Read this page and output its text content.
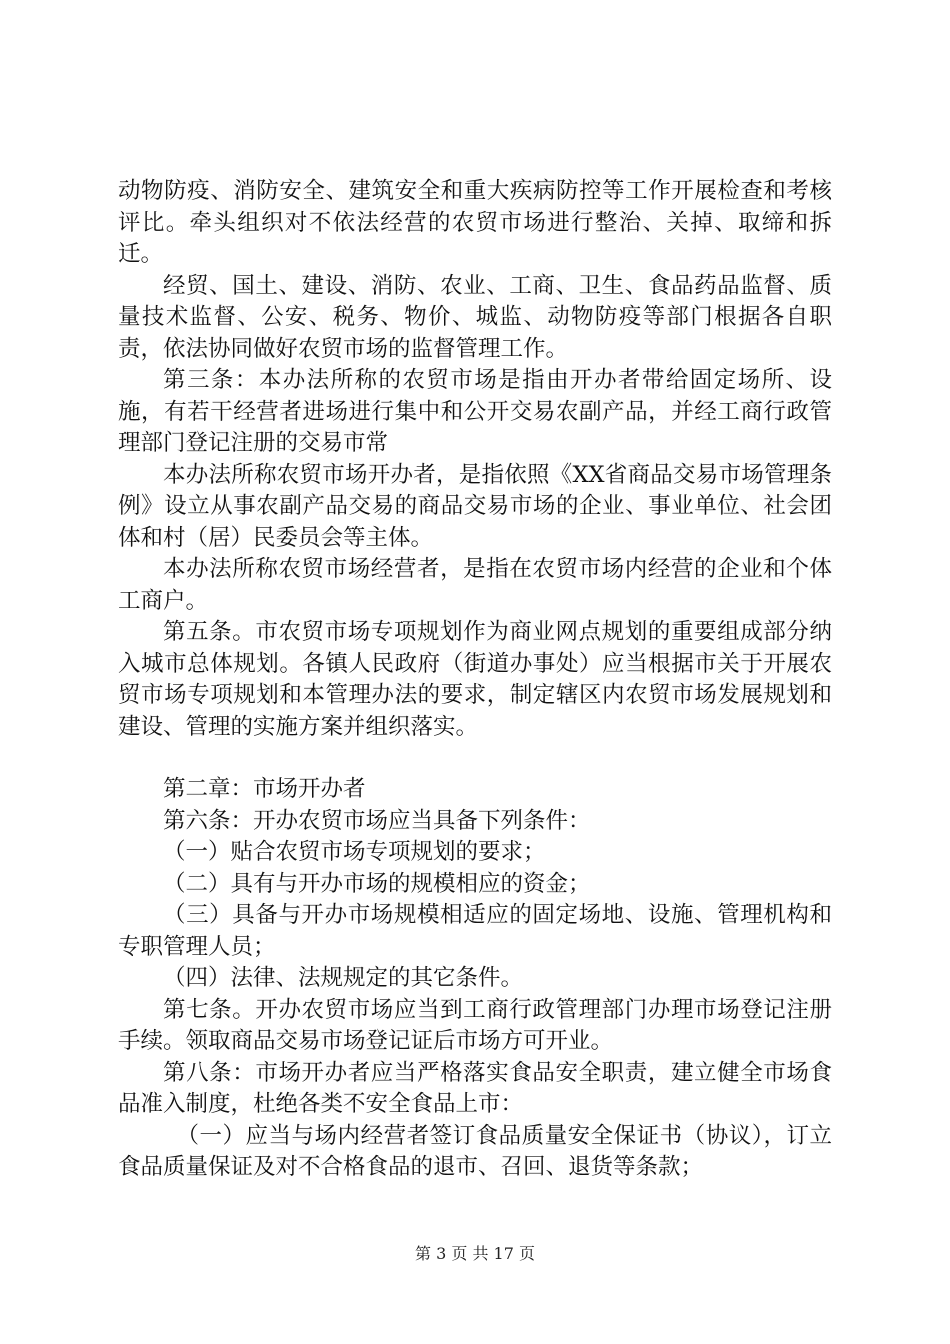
动物防疫、消防安全、建筑安全和重大疾病防控等工作开展检查和考核评比。牵头组织对不依法经营的农贸市场进行整治、关掉、取缔和拆迁。

经贸、国土、建设、消防、农业、工商、卫生、食品药品监督、质量技术监督、公安、税务、物价、城监、动物防疫等部门根据各自职责，依法协同做好农贸市场的监督管理工作。

第三条：本办法所称的农贸市场是指由开办者带给固定场所、设施，有若干经营者进场进行集中和公开交易农副产品，并经工商行政管理部门登记注册的交易市常

本办法所称农贸市场开办者，是指依照《XX省商品交易市场管理条例》设立从事农副产品交易的商品交易市场的企业、事业单位、社会团体和村（居）民委员会等主体。

本办法所称农贸市场经营者，是指在农贸市场内经营的企业和个体工商户。

第五条。市农贸市场专项规划作为商业网点规划的重要组成部分纳入城市总体规划。各镇人民政府（街道办事处）应当根据市关于开展农贸市场专项规划和本管理办法的要求，制定辖区内农贸市场发展规划和建设、管理的实施方案并组织落实。

第二章：市场开办者

第六条：开办农贸市场应当具备下列条件：

（一）贴合农贸市场专项规划的要求；

（二）具有与开办市场的规模相应的资金；

（三）具备与开办市场规模相适应的固定场地、设施、管理机构和专职管理人员；

（四）法律、法规规定的其它条件。

第七条。开办农贸市场应当到工商行政管理部门办理市场登记注册手续。领取商品交易市场登记证后市场方可开业。

第八条：市场开办者应当严格落实食品安全职责，建立健全市场食品准入制度，杜绝各类不安全食品上市：

（一）应当与场内经营者签订食品质量安全保证书（协议），订立食品质量保证及对不合格食品的退市、召回、退货等条款；

第 3 页 共 17 页
